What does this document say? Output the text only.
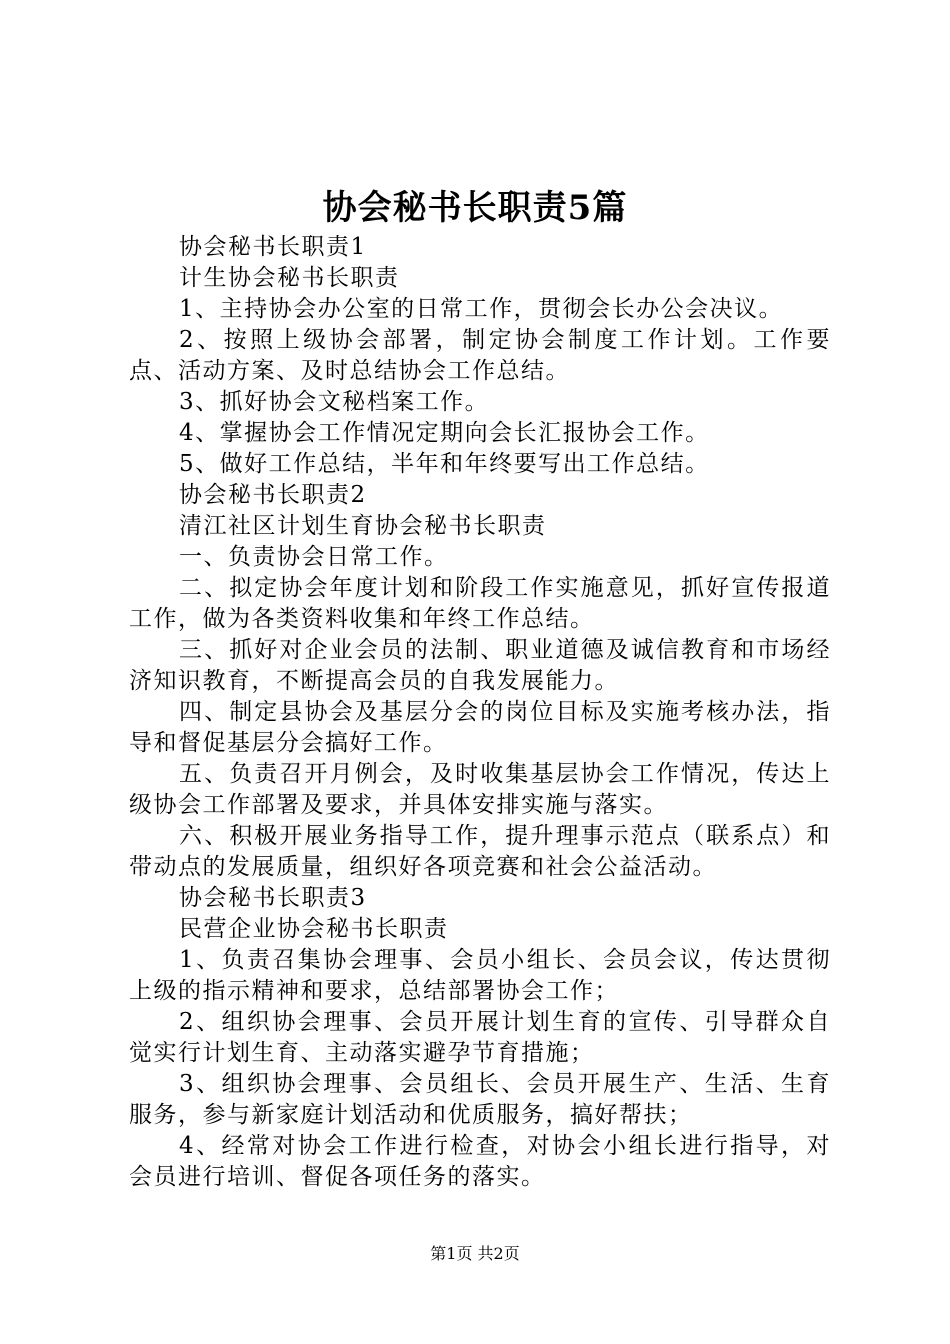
协会秘书长职责5篇

协会秘书长职责1

计生协会秘书长职责

1、主持协会办公室的日常工作，贯彻会长办公会决议。

2、按照上级协会部署，制定协会制度工作计划。工作要点、活动方案、及时总结协会工作总结。

3、抓好协会文秘档案工作。

4、掌握协会工作情况定期向会长汇报协会工作。

5、做好工作总结，半年和年终要写出工作总结。

协会秘书长职责2

清江社区计划生育协会秘书长职责

一、负责协会日常工作。

二、拟定协会年度计划和阶段工作实施意见，抓好宣传报道工作，做为各类资料收集和年终工作总结。

三、抓好对企业会员的法制、职业道德及诚信教育和市场经济知识教育，不断提高会员的自我发展能力。

四、制定县协会及基层分会的岗位目标及实施考核办法，指导和督促基层分会搞好工作。

五、负责召开月例会，及时收集基层协会工作情况，传达上级协会工作部署及要求，并具体安排实施与落实。

六、积极开展业务指导工作，提升理事示范点（联系点）和带动点的发展质量，组织好各项竞赛和社会公益活动。

协会秘书长职责3

民营企业协会秘书长职责

1、负责召集协会理事、会员小组长、会员会议，传达贯彻上级的指示精神和要求，总结部署协会工作；

2、组织协会理事、会员开展计划生育的宣传、引导群众自觉实行计划生育、主动落实避孕节育措施；

3、组织协会理事、会员组长、会员开展生产、生活、生育服务，参与新家庭计划活动和优质服务，搞好帮扶；

4、经常对协会工作进行检查，对协会小组长进行指导，对会员进行培训、督促各项任务的落实。

第1页 共2页
